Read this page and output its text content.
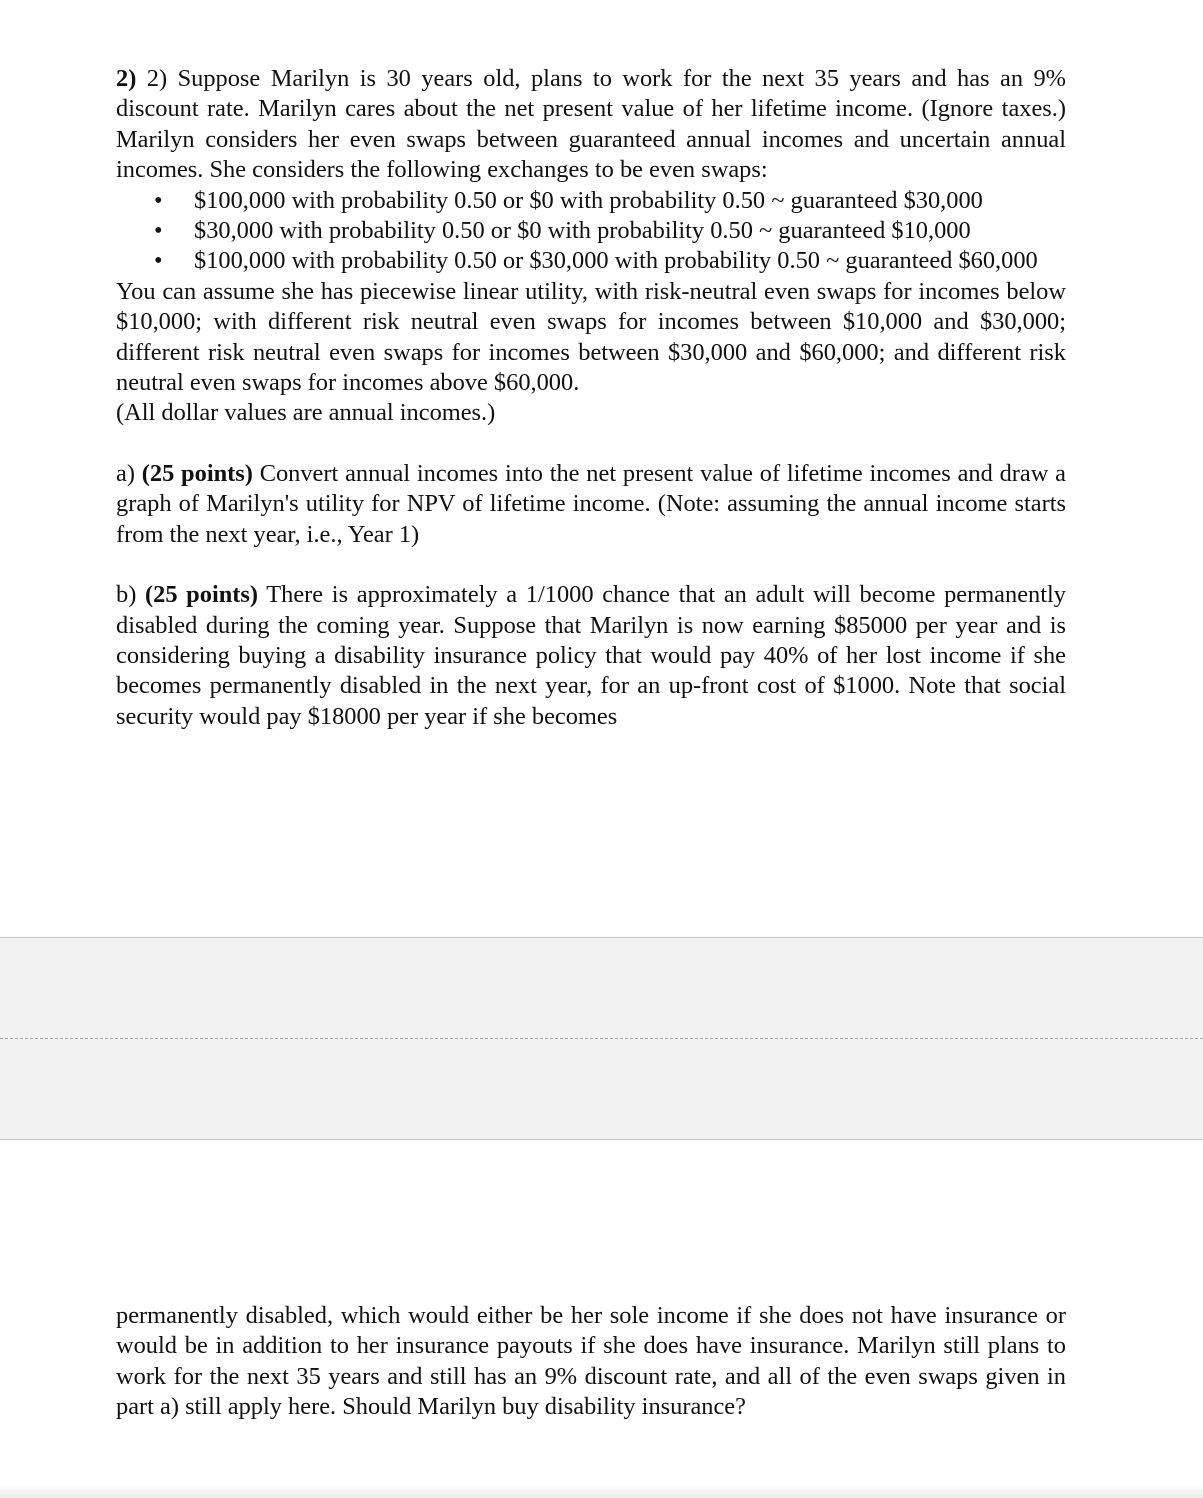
2) 2) Suppose Marilyn is 30 years old, plans to work for the next 35 years and has an 9% discount rate. Marilyn cares about the net present value of her lifetime income. (Ignore taxes.) Marilyn considers her even swaps between guaranteed annual incomes and uncertain annual incomes. She considers the following exchanges to be even swaps:

• $100,000 with probability 0.50 or $0 with probability 0.50 ~ guaranteed $30,000
• $30,000 with probability 0.50 or $0 with probability 0.50 ~ guaranteed $10,000
• $100,000 with probability 0.50 or $30,000 with probability 0.50 ~ guaranteed $60,000

You can assume she has piecewise linear utility, with risk-neutral even swaps for incomes below $10,000; with different risk neutral even swaps for incomes between $10,000 and $30,000; different risk neutral even swaps for incomes between $30,000 and $60,000; and different risk neutral even swaps for incomes above $60,000.

(All dollar values are annual incomes.)

a) (25 points) Convert annual incomes into the net present value of lifetime incomes and draw a graph of Marilyn's utility for NPV of lifetime income. (Note: assuming the annual income starts from the next year, i.e., Year 1)

b) (25 points) There is approximately a 1/1000 chance that an adult will become permanently disabled during the coming year. Suppose that Marilyn is now earning $85000 per year and is considering buying a disability insurance policy that would pay 40% of her lost income if she becomes permanently disabled in the next year, for an up-front cost of $1000. Note that social security would pay $18000 per year if she becomes

permanently disabled, which would either be her sole income if she does not have insurance or would be in addition to her insurance payouts if she does have insurance. Marilyn still plans to work for the next 35 years and still has an 9% discount rate, and all of the even swaps given in part a) still apply here. Should Marilyn buy disability insurance?
